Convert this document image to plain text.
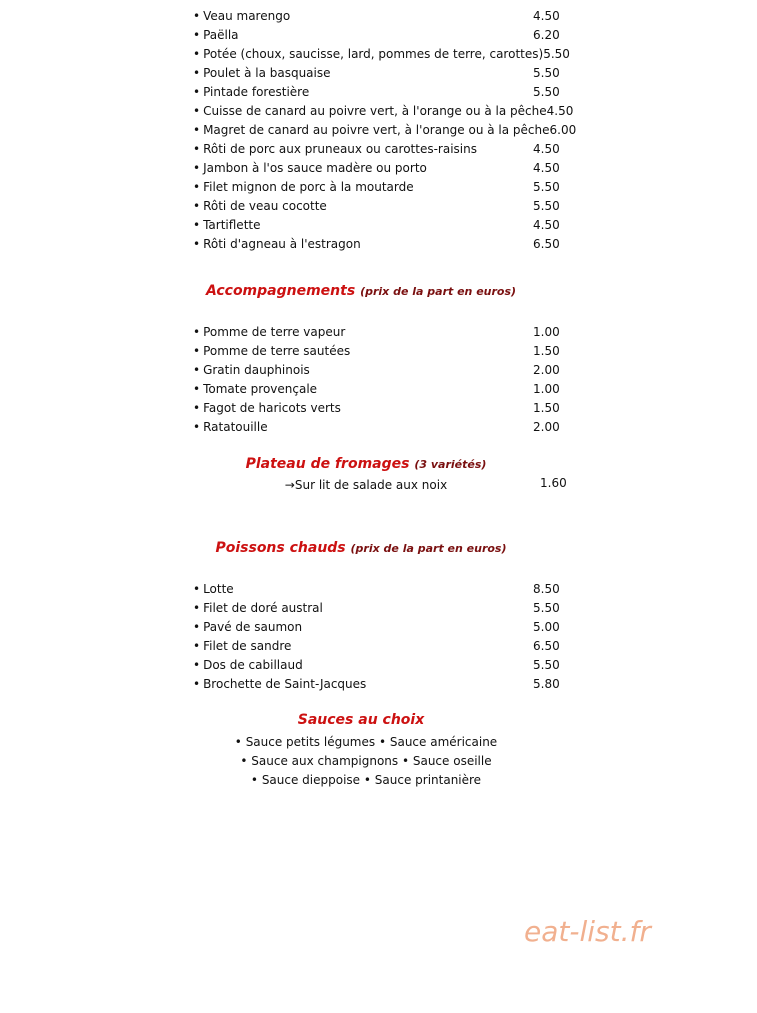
• Veau marengo	4.50
• Paëlla	6.20
• Potée (choux, saucisse, lard, pommes de terre, carottes) 5.50
• Poulet à la basquaise	5.50
• Pintade forestière	5.50
• Cuisse de canard au poivre vert, à l'orange ou à la pêche 4.50
• Magret de canard au poivre vert, à l'orange ou à la pêche 6.00
• Rôti de porc aux pruneaux ou carottes-raisins	4.50
• Jambon à l'os sauce madère ou porto	4.50
• Filet mignon de porc à la moutarde	5.50
• Rôti de veau cocotte	5.50
• Tartiflette	4.50
• Rôti d'agneau à l'estragon	6.50
Accompagnements (prix de la part en euros)
• Pomme de terre vapeur	1.00
• Pomme de terre sautées	1.50
• Gratin dauphinois	2.00
• Tomate provençale	1.00
• Fagot de haricots verts	1.50
• Ratatouille	2.00
Plateau de fromages (3 variétés)
→Sur lit de salade aux noix	1.60
Poissons chauds (prix de la part en euros)
• Lotte	8.50
• Filet de doré austral	5.50
• Pavé de saumon	5.00
• Filet de sandre	6.50
• Dos de cabillaud	5.50
• Brochette de Saint-Jacques	5.80
Sauces au choix
• Sauce petits légumes • Sauce américaine
• Sauce aux champignons • Sauce oseille
• Sauce dieppoise • Sauce printanière
eat-list.fr
